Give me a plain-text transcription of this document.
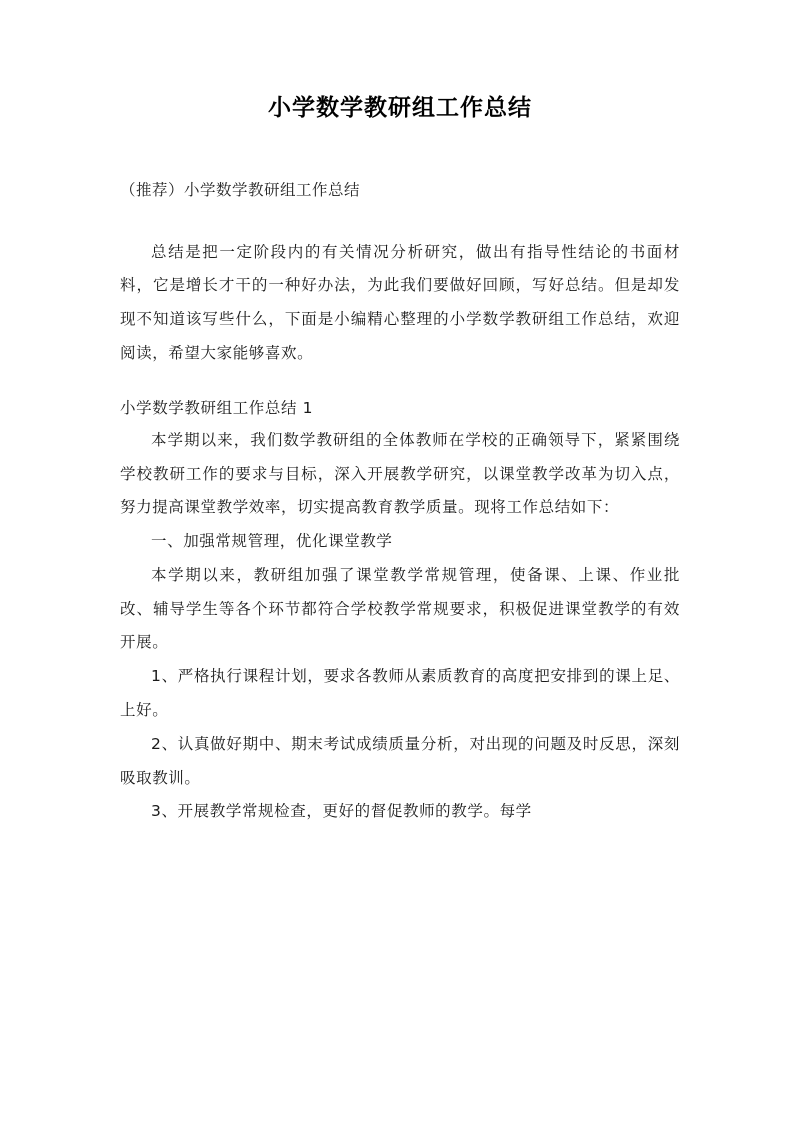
小学数学教研组工作总结

（推荐）小学数学教研组工作总结

总结是把一定阶段内的有关情况分析研究，做出有指导性结论的书面材料，它是增长才干的一种好办法，为此我们要做好回顾，写好总结。但是却发现不知道该写些什么，下面是小编精心整理的小学数学教研组工作总结，欢迎阅读，希望大家能够喜欢。

小学数学教研组工作总结 1

本学期以来，我们数学教研组的全体教师在学校的正确领导下，紧紧围绕学校教研工作的要求与目标，深入开展教学研究，以课堂教学改革为切入点，努力提高课堂教学效率，切实提高教育教学质量。现将工作总结如下：

一、加强常规管理，优化课堂教学

本学期以来，教研组加强了课堂教学常规管理，使备课、上课、作业批改、辅导学生等各个环节都符合学校教学常规要求，积极促进课堂教学的有效开展。

1、严格执行课程计划，要求各教师从素质教育的高度把安排到的课上足、上好。

2、认真做好期中、期末考试成绩质量分析，对出现的问题及时反思，深刻吸取教训。

3、开展教学常规检查，更好的督促教师的教学。每学
